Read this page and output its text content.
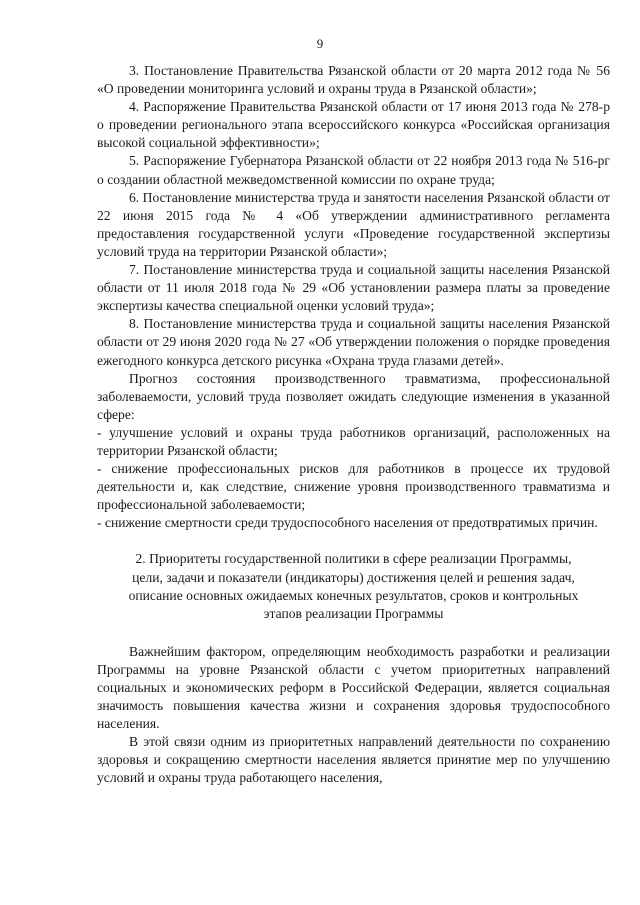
9

3. Постановление Правительства Рязанской области от 20 марта 2012 года № 56 «О проведении мониторинга условий и охраны труда в Рязанской области»;

4. Распоряжение Правительства Рязанской области от 17 июня 2013 года № 278-р о проведении регионального этапа всероссийского конкурса «Российская организация высокой социальной эффективности»;

5. Распоряжение Губернатора Рязанской области от 22 ноября 2013 года № 516-рг о создании областной межведомственной комиссии по охране труда;

6. Постановление министерства труда и занятости населения Рязанской области от 22 июня 2015 года № 4 «Об утверждении административного регламента предоставления государственной услуги «Проведение государственной экспертизы условий труда на территории Рязанской области»;

7. Постановление министерства труда и социальной защиты населения Рязанской области от 11 июля 2018 года № 29 «Об установлении размера платы за проведение экспертизы качества специальной оценки условий труда»;

8. Постановление министерства труда и социальной защиты населения Рязанской области от 29 июня 2020 года № 27 «Об утверждении положения о порядке проведения ежегодного конкурса детского рисунка «Охрана труда глазами детей».

Прогноз состояния производственного травматизма, профессиональной заболеваемости, условий труда позволяет ожидать следующие изменения в указанной сфере:

- улучшение условий и охраны труда работников организаций, расположенных на территории Рязанской области;

- снижение профессиональных рисков для работников в процессе их трудовой деятельности и, как следствие, снижение уровня производственного травматизма и профессиональной заболеваемости;

- снижение смертности среди трудоспособного населения от предотвратимых причин.

2. Приоритеты государственной политики в сфере реализации Программы,
цели, задачи и показатели (индикаторы) достижения целей и решения задач,
описание основных ожидаемых конечных результатов, сроков и контрольных
этапов реализации Программы

Важнейшим фактором, определяющим необходимость разработки и реализации Программы на уровне Рязанской области с учетом приоритетных направлений социальных и экономических реформ в Российской Федерации, является социальная значимость повышения качества жизни и сохранения здоровья трудоспособного населения.

В этой связи одним из приоритетных направлений деятельности по сохранению здоровья и сокращению смертности населения является принятие мер по улучшению условий и охраны труда работающего населения,
